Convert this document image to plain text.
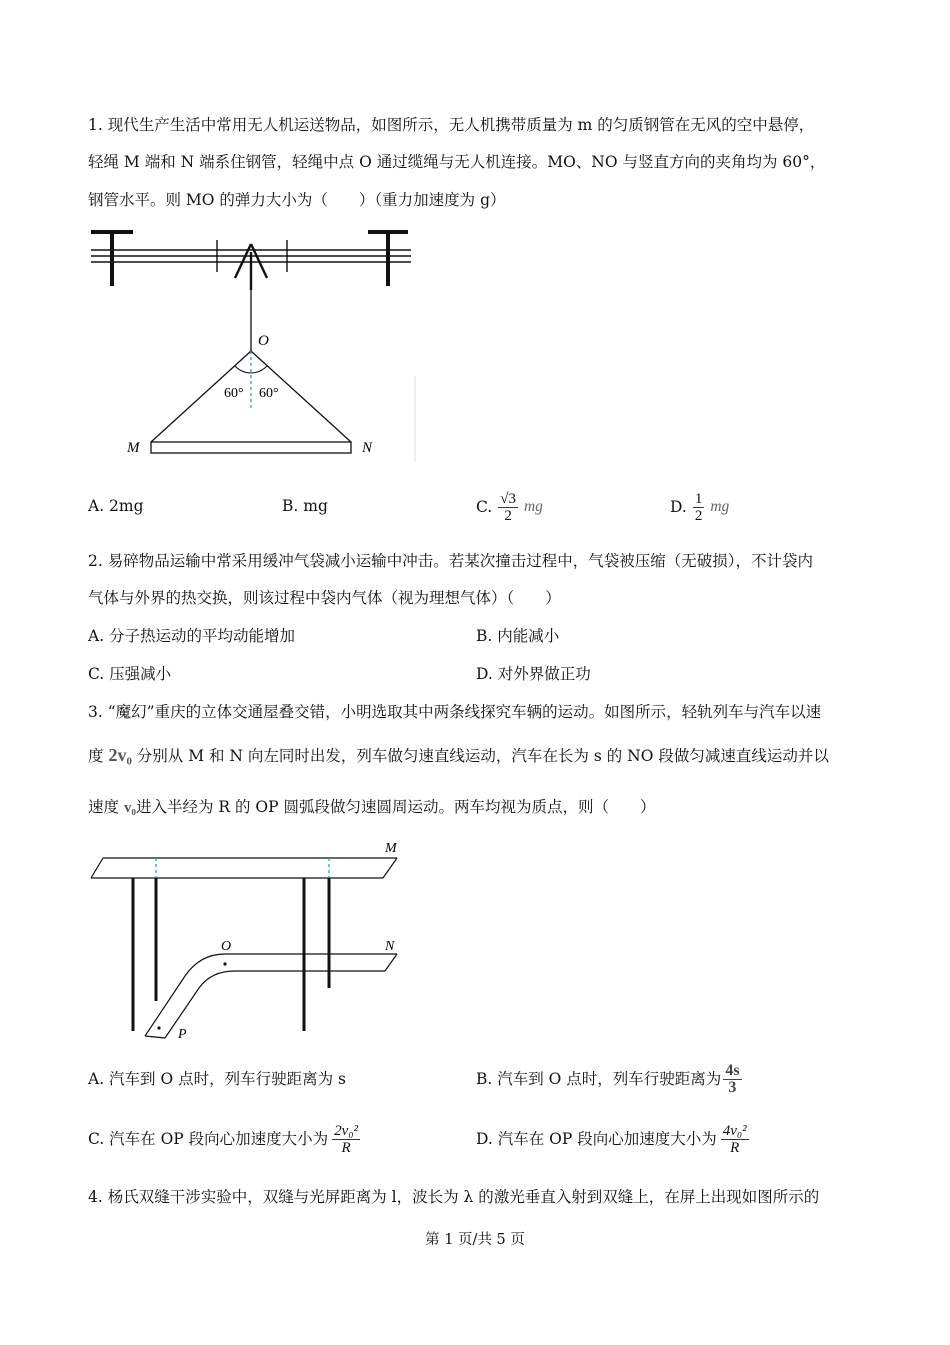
1. 现代生产生活中常用无人机运送物品，如图所示，无人机携带质量为 m 的匀质钢管在无风的空中悬停，
轻绳 M 端和 N 端系住钢管，轻绳中点 O 通过缆绳与无人机连接。MO、NO 与竖直方向的夹角均为 60°，
钢管水平。则 MO 的弹力大小为（　　）（重力加速度为 g）
O
60° 60°
M	N
A. 2mg	B. mg	C. $\frac{√3}{2}$ mg	D. $\frac{1}{2}$ mg
2. 易碎物品运输中常采用缓冲气袋减小运输中冲击。若某次撞击过程中，气袋被压缩（无破损），不计袋内
气体与外界的热交换，则该过程中袋内气体（视为理想气体）（　　）
A. 分子热运动的平均动能增加	B. 内能减小
C. 压强减小	D. 对外界做正功
3. “魔幻”重庆的立体交通屋叠交错，小明选取其中两条线探究车辆的运动。如图所示，轻轨列车与汽车以速
度 2v₀ 分别从 M 和 N 向左同时出发，列车做匀速直线运动，汽车在长为 s 的 NO 段做匀减速直线运动并以
速度 v₀进入半经为 R 的 OP 圆弧段做匀速圆周运动。两车均视为质点，则（　　）
M
N
O
P
A. 汽车到 O 点时，列车行驶距离为 s	B. 汽车到 O 点时，列车行驶距离为 $\frac{4s}{3}$
C. 汽车在 OP 段向心加速度大小为 $\frac{\text{2v₀²}}{R}$	D. 汽车在 OP 段向心加速度大小为 $\frac{\text{4v₀²}}{R}$
4. 杨氏双缝干涉实验中，双缝与光屏距离为 l，波长为 λ 的激光垂直入射到双缝上，在屏上出现如图所示的
第 1 页/共 5 页
